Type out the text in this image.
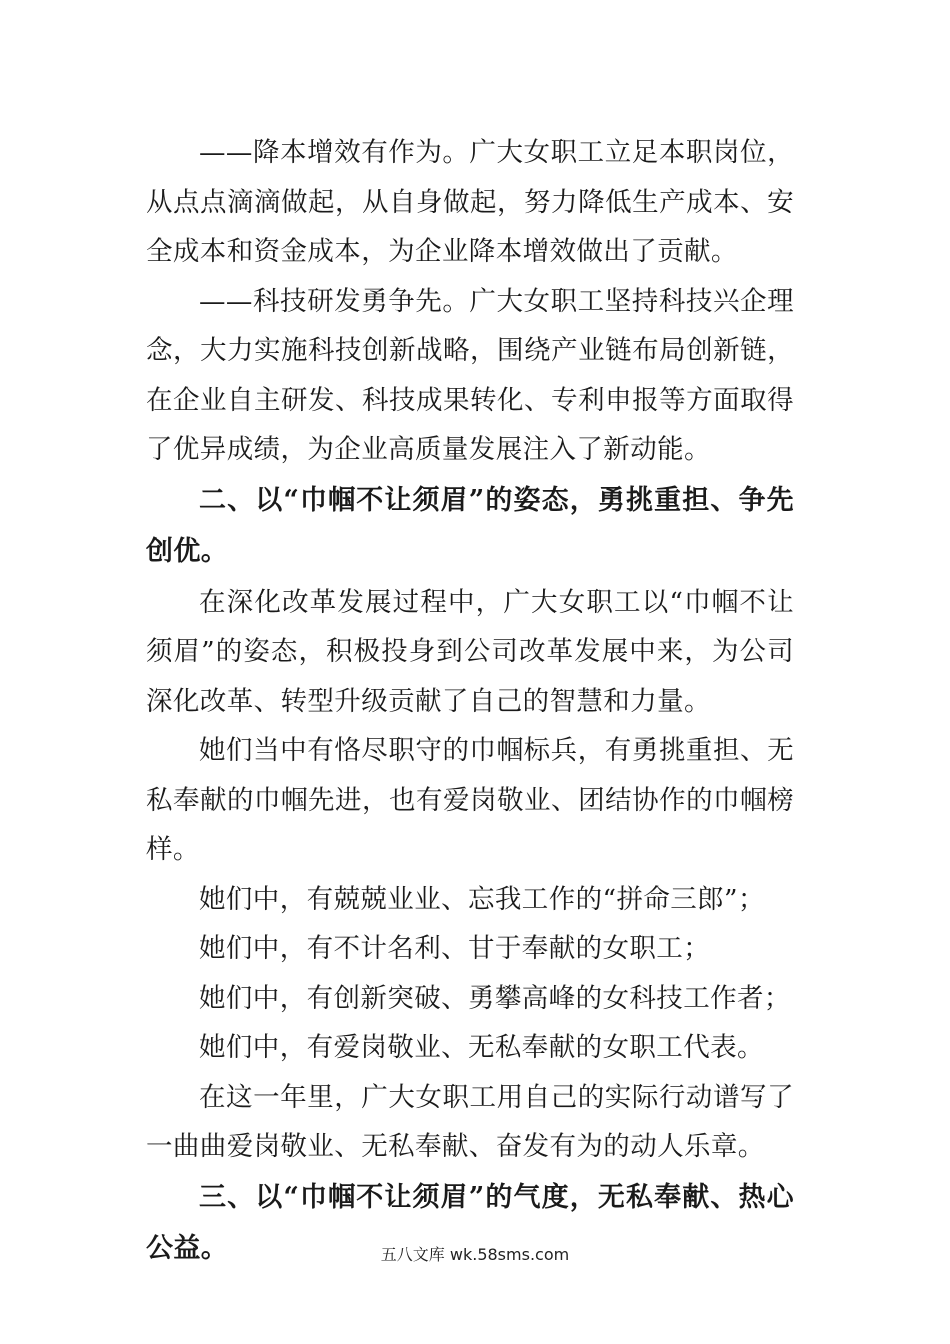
——降本增效有作为。广大女职工立足本职岗位，从点点滴滴做起，从自身做起，努力降低生产成本、安全成本和资金成本，为企业降本增效做出了贡献。

——科技研发勇争先。广大女职工坚持科技兴企理念，大力实施科技创新战略，围绕产业链布局创新链，在企业自主研发、科技成果转化、专利申报等方面取得了优异成绩，为企业高质量发展注入了新动能。

二、以“巾帼不让须眉”的姿态，勇挑重担、争先创优。

在深化改革发展过程中，广大女职工以“巾帼不让须眉”的姿态，积极投身到公司改革发展中来，为公司深化改革、转型升级贡献了自己的智慧和力量。

她们当中有恪尽职守的巾帼标兵，有勇挑重担、无私奉献的巾帼先进，也有爱岗敬业、团结协作的巾帼榜样。

她们中，有兢兢业业、忘我工作的“拼命三郎”；

她们中，有不计名利、甘于奉献的女职工；

她们中，有创新突破、勇攀高峰的女科技工作者；

她们中，有爱岗敬业、无私奉献的女职工代表。

在这一年里，广大女职工用自己的实际行动谱写了一曲曲爱岗敬业、无私奉献、奋发有为的动人乐章。

三、以“巾帼不让须眉”的气度，无私奉献、热心公益。	五八文库 wk.58sms.com
